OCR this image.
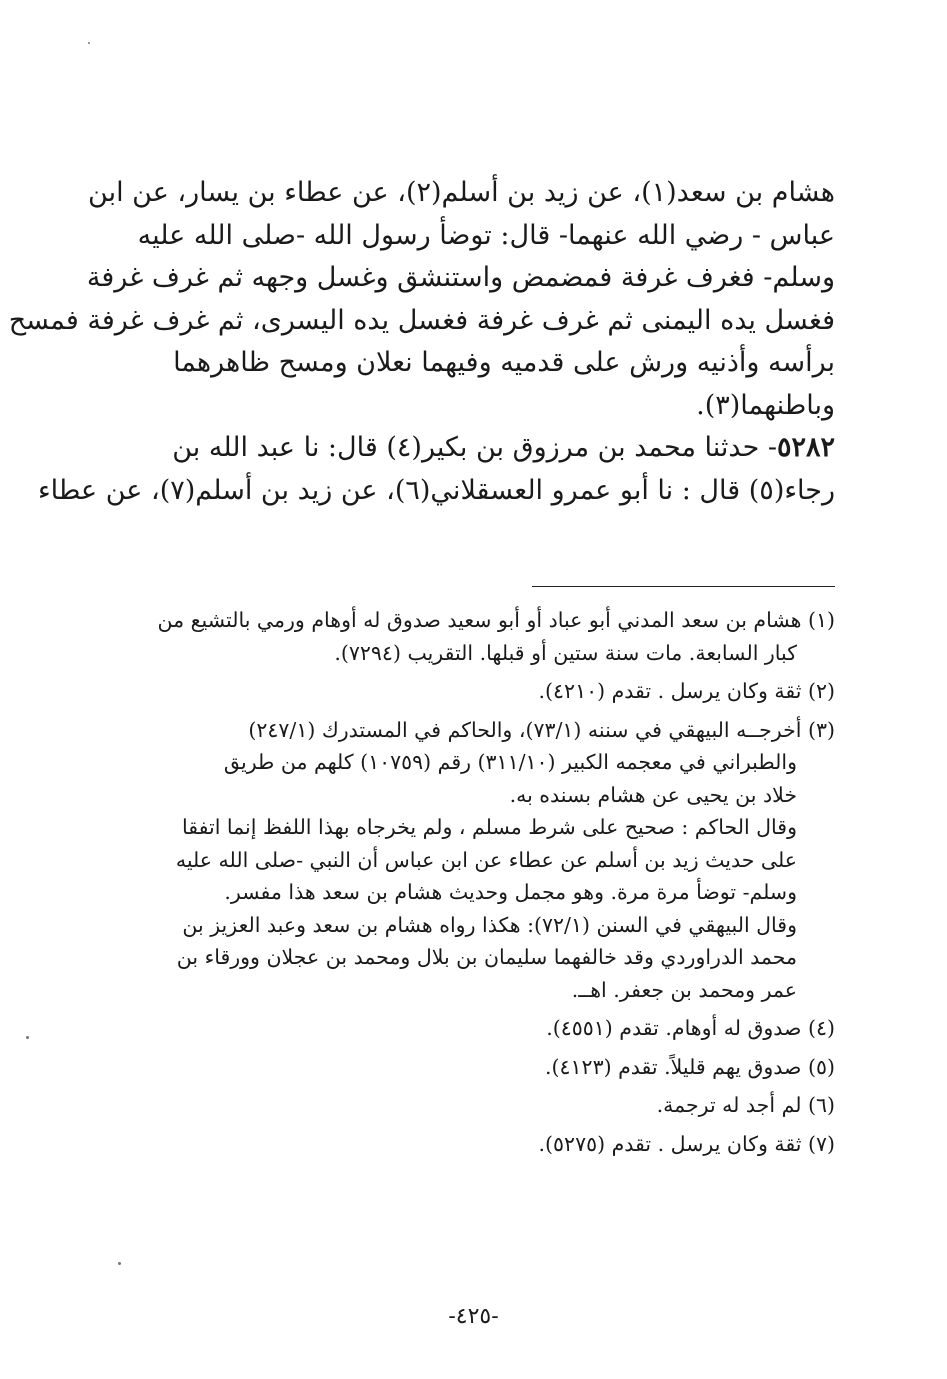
هشام بن سعد(١)، عن زيد بن أسلم(٢)، عن عطاء بن يسار، عن ابن
عباس - رضي الله عنهما- قال: توضأ رسول الله -صلى الله عليه
وسلم- فغرف غرفة فمضمض واستنشق وغسل وجهه ثم غرف غرفة
فغسل يده اليمنى ثم غرف غرفة فغسل يده اليسرى، ثم غرف غرفة فمسح
برأسه وأذنيه ورش على قدميه وفيهما نعلان ومسح ظاهرهما
وباطنهما(٣).
٥٢٨٢- حدثنا محمد بن مرزوق بن بكير(٤) قال: نا عبد الله بن
رجاء(٥) قال : نا أبو عمرو العسقلاني(٦)، عن زيد بن أسلم(٧)، عن عطاء
(١) هشام بن سعد المدني أبو عباد أو أبو سعيد صدوق له أوهام ورمي بالتشيع من
كبار السابعة. مات سنة ستين أو قبلها. التقريب (٧٢٩٤).
(٢) ثقة وكان يرسل . تقدم (٤٢١٠).
(٣) أخرجــه البيهقي في سننه (٧٣/١)، والحاكم في المستدرك (٢٤٧/١)
والطبراني في معجمه الكبير (٣١١/١٠) رقم (١٠٧٥٩) كلهم من طريق
خلاد بن يحيى عن هشام بسنده به.
وقال الحاكم : صحيح على شرط مسلم ، ولم يخرجاه بهذا اللفظ إنما اتفقا
على حديث زيد بن أسلم عن عطاء عن ابن عباس أن النبي -صلى الله عليه
وسلم- توضأ مرة مرة. وهو مجمل وحديث هشام بن سعد هذا مفسر.
وقال البيهقي في السنن (٧٢/١): هكذا رواه هشام بن سعد وعبد العزيز بن
محمد الدراوردي وقد خالفهما سليمان بن بلال ومحمد بن عجلان وورقاء بن
عمر ومحمد بن جعفر. اهــ.
(٤) صدوق له أوهام. تقدم (٤٥٥١).
(٥) صدوق يهم قليلاً. تقدم (٤١٢٣).
(٦) لم أجد له ترجمة.
(٧) ثقة وكان يرسل . تقدم (٥٢٧٥).
-٤٢٥-
